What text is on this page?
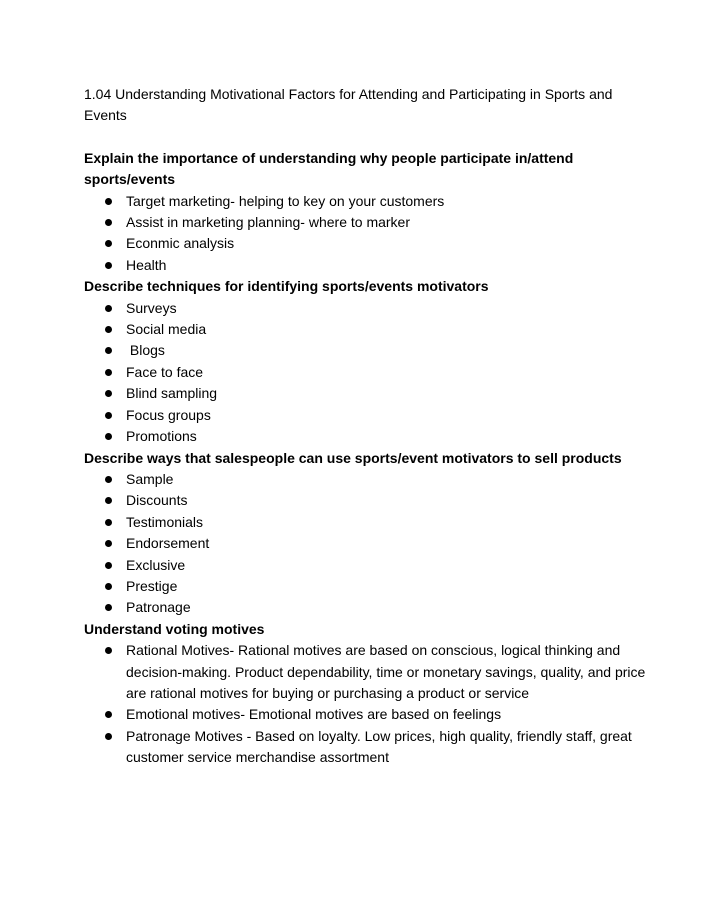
1.04 Understanding Motivational Factors for Attending and Participating in Sports and Events

Explain the importance of understanding why people participate in/attend sports/events

Target marketing- helping to key on your customers
Assist in marketing planning- where to marker
Econmic analysis
Health

Describe techniques for identifying sports/events motivators

Surveys
Social media
Blogs
Face to face
Blind sampling
Focus groups
Promotions

Describe ways that salespeople can use sports/event motivators to sell products

Sample
Discounts
Testimonials
Endorsement
Exclusive
Prestige
Patronage

Understand voting motives

Rational Motives- Rational motives are based on conscious, logical thinking and decision-making. Product dependability, time or monetary savings, quality, and price are rational motives for buying or purchasing a product or service
Emotional motives- Emotional motives are based on feelings
Patronage Motives - Based on loyalty. Low prices, high quality, friendly staff, great customer service merchandise assortment
